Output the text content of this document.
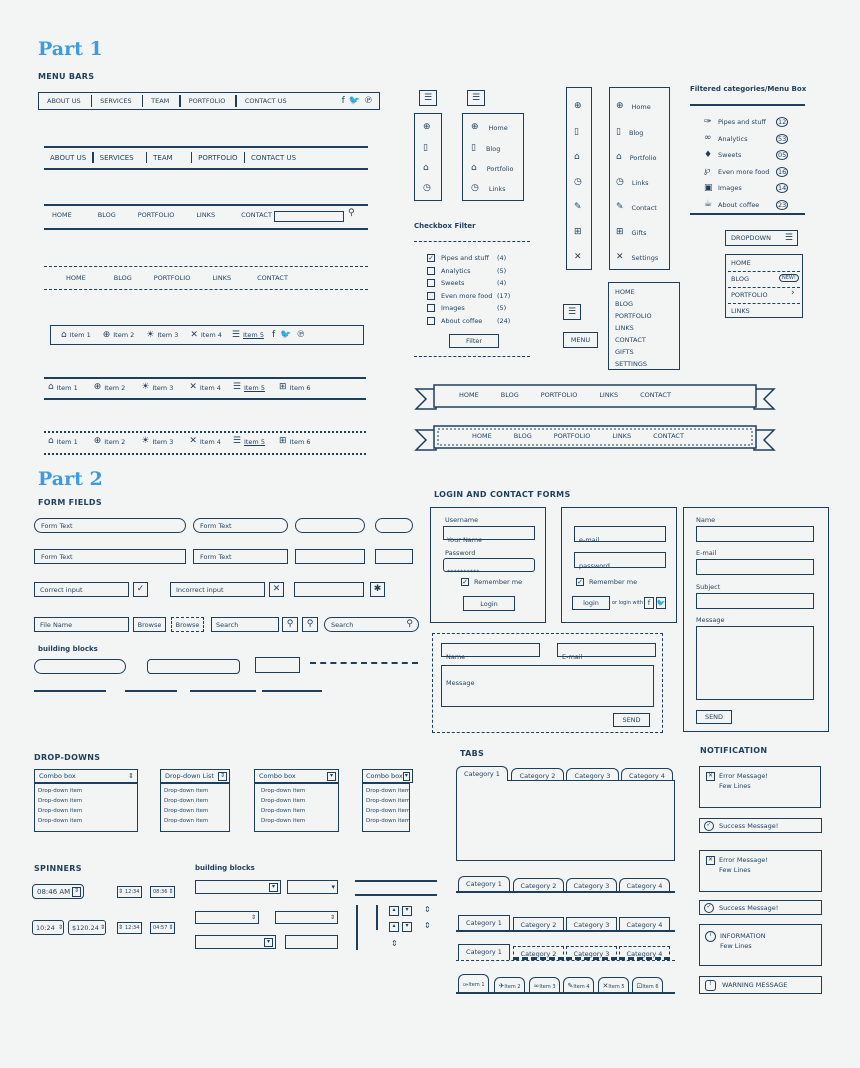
Part 1
MENU BARS
ABOUT US	SERVICES	TEAM	PORTFOLIO	CONTACT US	f 🐦 ℗
ABOUT US SERVICES	TEAM	PORTFOLIO CONTACT US
HOME	BLOG	PORTFOLIO	LINKS	CONTACT	⚲
HOME	BLOG	PORTFOLIO	LINKS	CONTACT
⌂ Item 1 ⊕ Item 2 ☀ Item 3 ✕ Item 4 ☰ Item 5 f 🐦 ℗
⌂ Item 1 ⊕ Item 2 ☀ Item 3 ✕ Item 4 ☰ Item 5 ⊞ Item 6
⌂ Item 1 ⊕ Item 2 ☀ Item 3 ✕ Item 4 ☰ Item 5 ⊞ Item 6
☰
⊕
▯
⌂
◷
☰
⊕ Home
▯ Blog
⌂ Portfolio
◷ Links
⊕
▯
⌂
◷
✎
⊞
✕
⊕ Home
▯ Blog
⌂ Portfolio
◷ Links
✎ Contact
⊞ Gifts
✕ Settings
☰
MENU
HOME
BLOG
PORTFOLIO
LINKS
CONTACT
GIFTS
SETTINGS
Checkbox Filter
✓ Pipes and stuff	(4)
Analytics	(5)
Sweets	(4)
Even more food (17)
Images	(5)
About coffee	(24)
Filter
Filtered categories/Menu Box
✑ Pipes and stuff	12
∞	Analytics	53
♦ Sweets	05
℘	Even more food	16
▣ Images	14
☕ About coffee	23
DROPDOWN ☰
HOME
BLOG	NEW!
PORTFOLIO	›
LINKS
HOME	BLOG	PORTFOLIO	LINKS	CONTACT
HOME	BLOG	PORTFOLIO	LINKS	CONTACT
Part 2
FORM FIELDS
Form Text	Form Text
Form Text	Form Text
Correct input	✓	Incorrect input	✕	✱
File Name	Browse Browse	Search	⚲ ⚲	Search	⚲
building blocks
LOGIN AND CONTACT FORMS
Username
Your Name
Password
**********
✓ Remember me
Login
e-mail
password
✓ Remember me
login	or login with f 🐦
Name	E-mail
Message
SEND
Name
E-mail
Subject
Message
SEND
DROP-DOWNS
Combo box	⇕
Drop-down item
Drop-down item
Drop-down item
Drop-down item
Drop-down List	⇕
Drop-down item
Drop-down item
Drop-down item
Drop-down item
Combo box	▾
Drop-down item
Drop-down item
Drop-down item
Drop-down item
Combo box ▾
Drop-down item
Drop-down item
Drop-down item
Drop-down item
SPINNERS
08:46 AM ⇕	⇕ 12:34	08:36 ⇕
10:24 ⇕ $120.24 ⇕ ⇕ 12:34	04:57 ⇕
building blocks
▾	▾
⇕	⇕
▾
▴	▾
▴	▾
⇕
⇕
⇕
TABS
Category 1	Category 2	Category 3	Category 4
Category 1	Category 2	Category 3	Category 4
Category 1	Category 2	Category 3	Category 4
Category 1	Category 2	Category 3	Category 4
✑ Item 1 ✈ Item 2 ∞ Item 3 ✎ Item 4 ✕ Item 5 ⊡ Item 6
NOTIFICATION
✕ Error Message!
Few Lines
✓	Success Message!
✕ Error Message!
Few Lines
✓	Success Message!
i	INFORMATION
Few Lines
!	WARNING MESSAGE
